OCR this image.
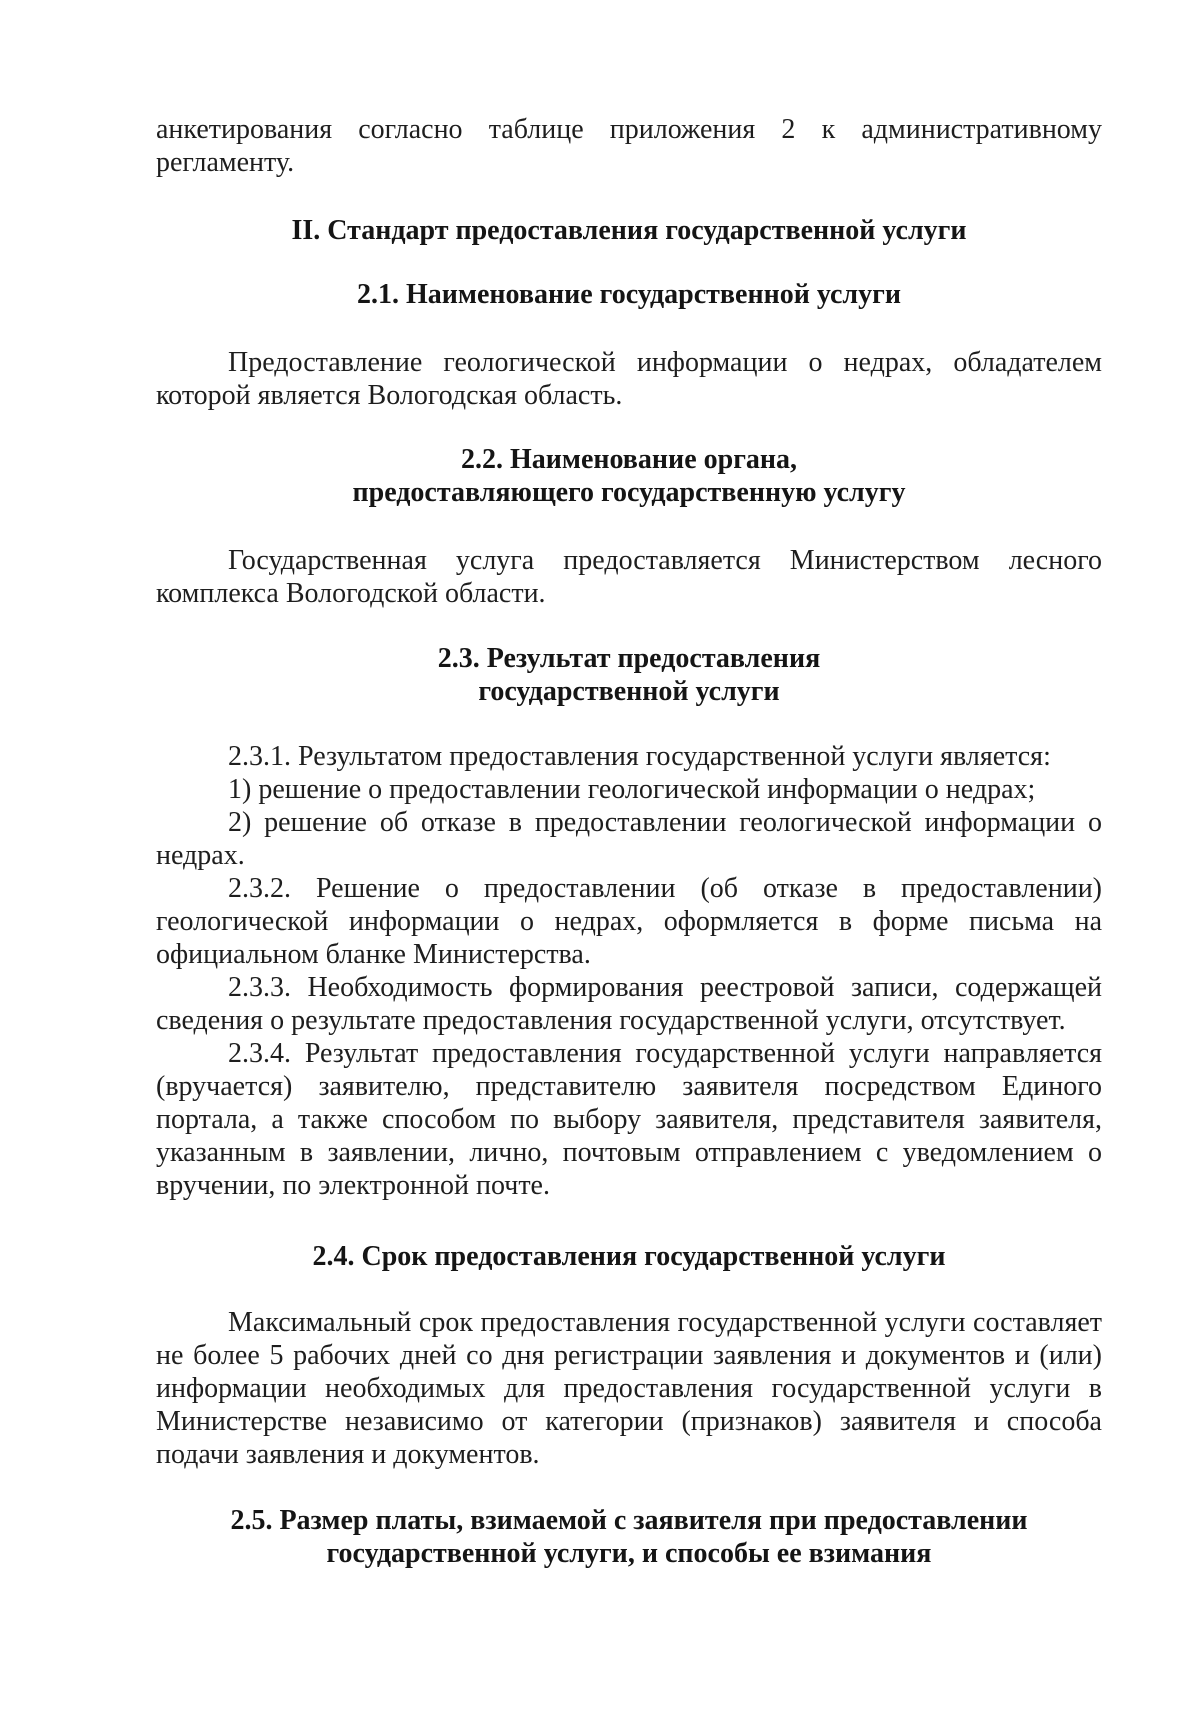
анкетирования согласно таблице приложения 2 к административному регламенту.

II. Стандарт предоставления государственной услуги
2.1. Наименование государственной услуги

Предоставление геологической информации о недрах, обладателем которой является Вологодская область.

2.2. Наименование органа,
предоставляющего государственную услугу

Государственная услуга предоставляется Министерством лесного комплекса Вологодской области.

2.3. Результат предоставления
государственной услуги

2.3.1. Результатом предоставления государственной услуги является:

1) решение о предоставлении геологической информации о недрах;

2) решение об отказе в предоставлении геологической информации о недрах.

2.3.2. Решение о предоставлении (об отказе в предоставлении) геологической информации о недрах, оформляется в форме письма на официальном бланке Министерства.

2.3.3. Необходимость формирования реестровой записи, содержащей сведения о результате предоставления государственной услуги, отсутствует.

2.3.4. Результат предоставления государственной услуги направляется (вручается) заявителю, представителю заявителя посредством Единого портала, а также способом по выбору заявителя, представителя заявителя, указанным в заявлении, лично, почтовым отправлением с уведомлением о вручении, по электронной почте.

2.4. Срок предоставления государственной услуги

Максимальный срок предоставления государственной услуги составляет не более 5 рабочих дней со дня регистрации заявления и документов и (или) информации необходимых для предоставления государственной услуги в Министерстве независимо от категории (признаков) заявителя и способа подачи заявления и документов.

2.5. Размер платы, взимаемой с заявителя при предоставлении
государственной услуги, и способы ее взимания
